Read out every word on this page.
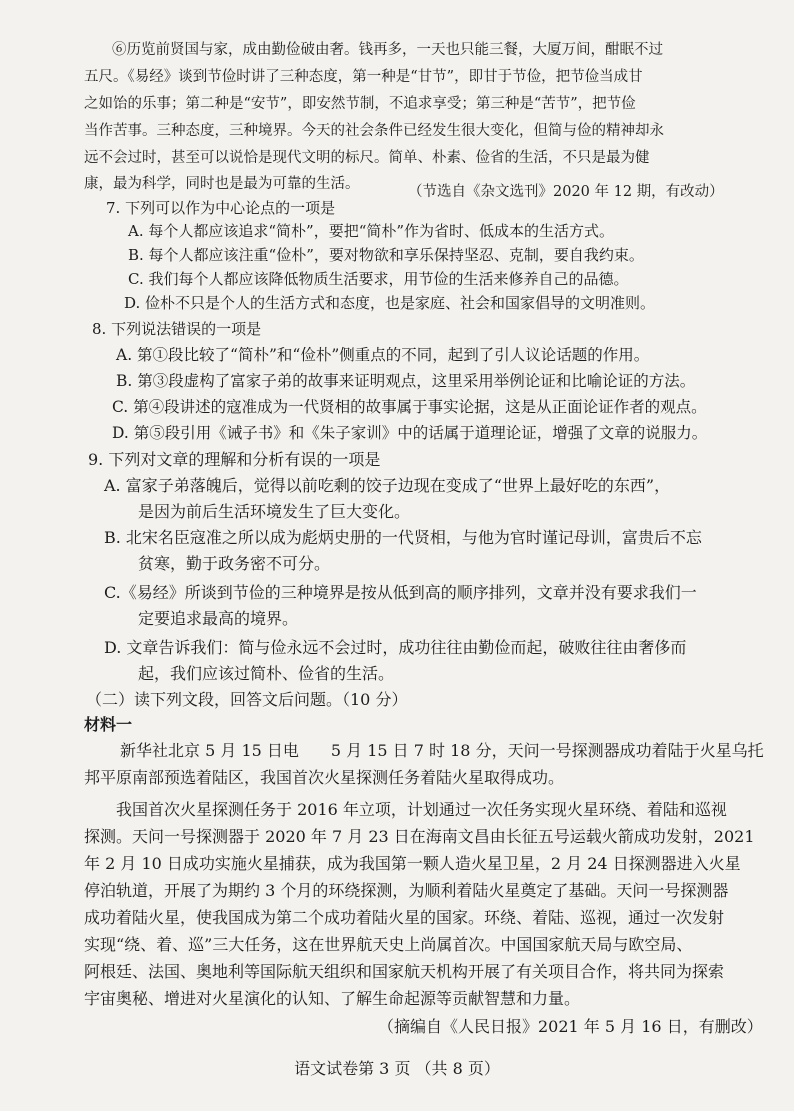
⑥历览前贤国与家，成由勤俭破由奢。钱再多，一天也只能三餐，大厦万间，酣眠不过
五尺。《易经》谈到节俭时讲了三种态度，第一种是“甘节”，即甘于节俭，把节俭当成甘
之如饴的乐事；第二种是“安节”，即安然节制，不追求享受；第三种是“苦节”，把节俭
当作苦事。三种态度，三种境界。今天的社会条件已经发生很大变化，但简与俭的精神却永
远不会过时，甚至可以说恰是现代文明的标尺。简单、朴素、俭省的生活，不只是最为健
康，最为科学，同时也是最为可靠的生活。	（节选自《杂文选刊》2020 年 12 期，有改动）
7. 下列可以作为中心论点的一项是
A. 每个人都应该追求“简朴”，要把“简朴”作为省时、低成本的生活方式。
B. 每个人都应该注重“俭朴”，要对物欲和享乐保持坚忍、克制，要自我约束。
C. 我们每个人都应该降低物质生活要求，用节俭的生活来修养自己的品德。
D. 俭朴不只是个人的生活方式和态度，也是家庭、社会和国家倡导的文明准则。
8. 下列说法错误的一项是
A. 第①段比较了“简朴”和“俭朴”侧重点的不同，起到了引人议论话题的作用。
B. 第③段虚构了富家子弟的故事来证明观点，这里采用举例论证和比喻论证的方法。
C. 第④段讲述的寇准成为一代贤相的故事属于事实论据，这是从正面论证作者的观点。
D. 第⑤段引用《诫子书》和《朱子家训》中的话属于道理论证，增强了文章的说服力。
9. 下列对文章的理解和分析有误的一项是
A. 富家子弟落魄后，觉得以前吃剩的饺子边现在变成了“世界上最好吃的东西”，
是因为前后生活环境发生了巨大变化。
B. 北宋名臣寇准之所以成为彪炳史册的一代贤相，与他为官时谨记母训，富贵后不忘
贫寒，勤于政务密不可分。
C.《易经》所谈到节俭的三种境界是按从低到高的顺序排列，文章并没有要求我们一
定要追求最高的境界。
D. 文章告诉我们：简与俭永远不会过时，成功往往由勤俭而起，破败往往由奢侈而
起，我们应该过简朴、俭省的生活。
（二）读下列文段，回答文后问题。（10 分）
材料一
新华社北京 5 月 15 日电　　5 月 15 日 7 时 18 分，天问一号探测器成功着陆于火星乌托
邦平原南部预选着陆区，我国首次火星探测任务着陆火星取得成功。
我国首次火星探测任务于 2016 年立项，计划通过一次任务实现火星环绕、着陆和巡视
探测。天问一号探测器于 2020 年 7 月 23 日在海南文昌由长征五号运载火箭成功发射，2021
年 2 月 10 日成功实施火星捕获，成为我国第一颗人造火星卫星，2 月 24 日探测器进入火星
停泊轨道，开展了为期约 3 个月的环绕探测，为顺利着陆火星奠定了基础。天问一号探测器
成功着陆火星，使我国成为第二个成功着陆火星的国家。环绕、着陆、巡视，通过一次发射
实现“绕、着、巡”三大任务，这在世界航天史上尚属首次。中国国家航天局与欧空局、
阿根廷、法国、奥地利等国际航天组织和国家航天机构开展了有关项目合作，将共同为探索
宇宙奥秘、增进对火星演化的认知、了解生命起源等贡献智慧和力量。
（摘编自《人民日报》2021 年 5 月 16 日，有删改）
语文试卷第 3 页 （共 8 页）
